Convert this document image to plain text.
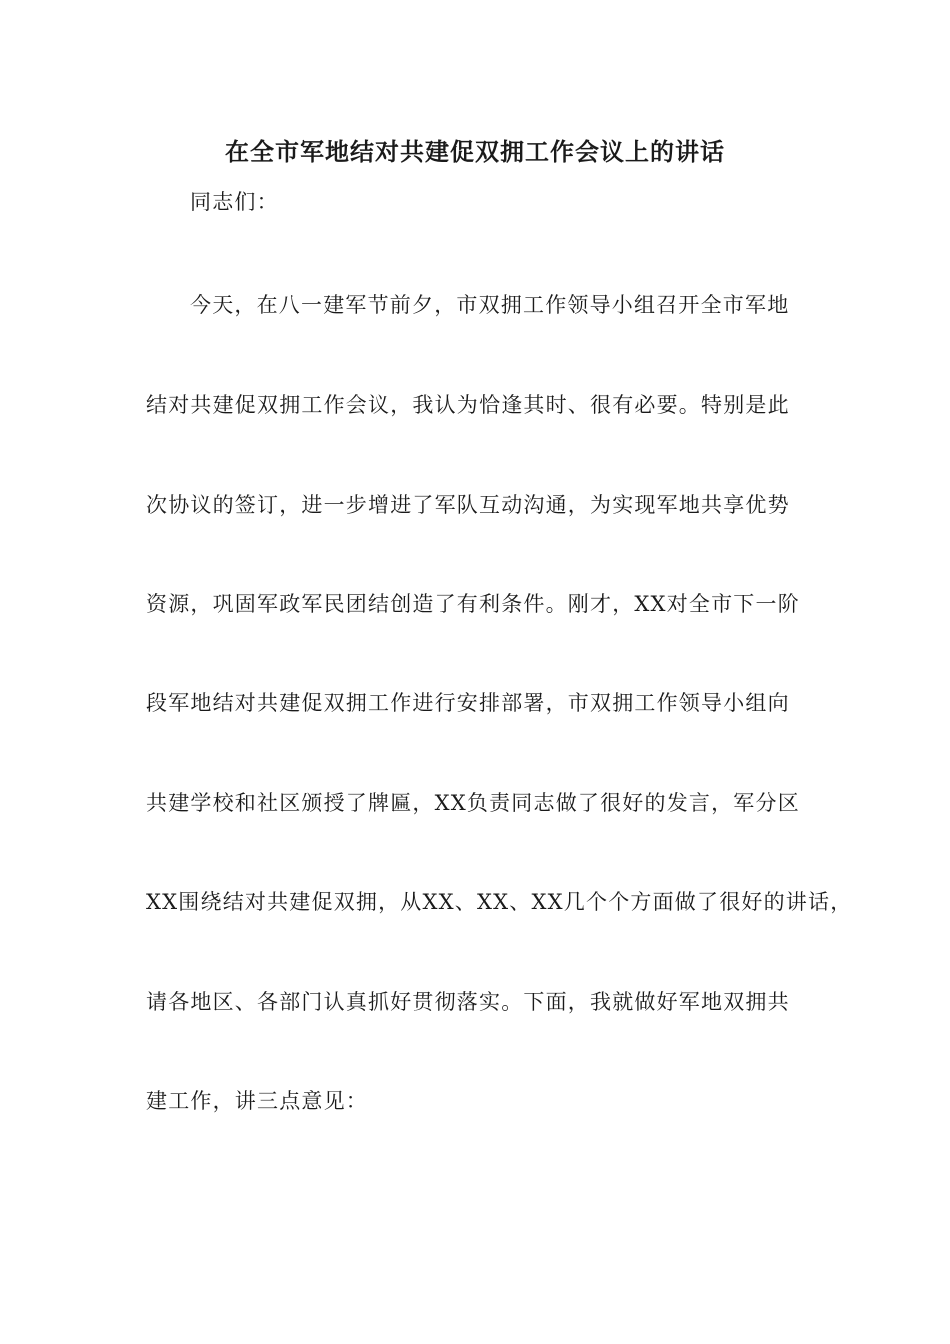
在全市军地结对共建促双拥工作会议上的讲话
同志们：
今天，在八一建军节前夕，市双拥工作领导小组召开全市军地
结对共建促双拥工作会议，我认为恰逢其时、很有必要。特别是此
次协议的签订，进一步增进了军队互动沟通，为实现军地共享优势
资源，巩固军政军民团结创造了有利条件。刚才，XX对全市下一阶
段军地结对共建促双拥工作进行安排部署，市双拥工作领导小组向
共建学校和社区颁授了牌匾，XX负责同志做了很好的发言，军分区
XX围绕结对共建促双拥，从XX、XX、XX几个个方面做了很好的讲话，
请各地区、各部门认真抓好贯彻落实。下面，我就做好军地双拥共
建工作，讲三点意见：
